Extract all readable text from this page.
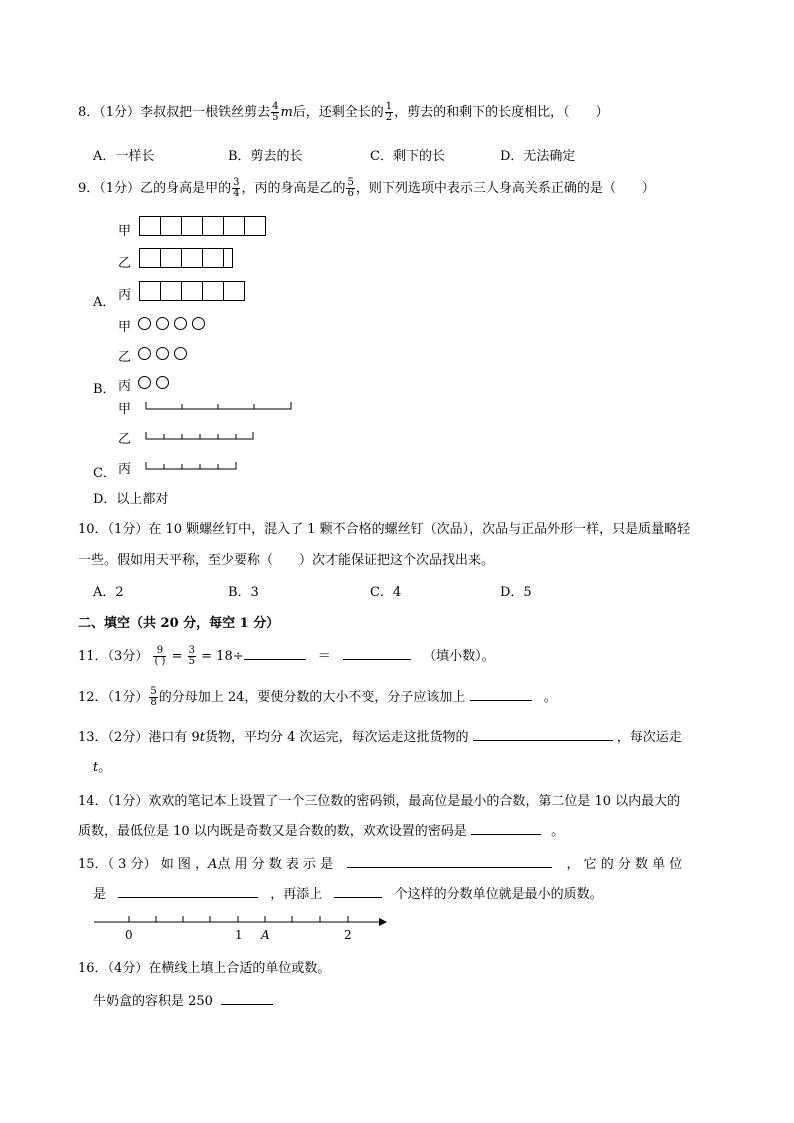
8．（1分）李叔叔把一根铁丝剪去 $\frac{4}{5}$ m后，还剩全长的 $\frac{1}{2}$ ，剪去的和剩下的长度相比，（　　）
A．一样长	B．剪去的长	C．剩下的长	D．无法确定
9．（1分）乙的身高是甲的 $\frac{3}{4}$ ，丙的身高是乙的 $\frac{5}{6}$ ，则下列选项中表示三人身高关系正确的是（　　）
甲
乙
A． 丙
甲
乙
B． 丙
甲
乙
C． 丙
D．以上都对
10．（1分）在 10 颗螺丝钉中，混入了 1 颗不合格的螺丝钉（次品），次品与正品外形一样，只是质量略轻
一些。假如用天平称，至少要称（　　）次才能保证把这个次品找出来。
A．2	B．3	C．4	D．5
二、填空（共 20 分，每空 1 分）
11．（3分） $\frac{9}{( )} = \frac{3}{5} = 18\div$	＝	（填小数）。
12．（1分） $\frac{5}{8}$ 的分母加上 24，要使分数的大小不变，分子应该加上	。
13．（2分）港口有 9t货物，平均分 4 次运完，每次运走这批货物的	，每次运走
t。
14．（1分）欢欢的笔记本上设置了一个三位数的密码锁，最高位是最小的合数，第二位是 10 以内最大的
质数，最低位是 10 以内既是奇数又是合数的数，欢欢设置的密码是	。
15．（ 3 分） 如 图 ，A点 用 分 数 表 示 是	， 它 的 分 数 单 位
是	，再添上	个这样的分数单位就是最小的质数。
0	1 A	2
16．（4分）在横线上填上合适的单位或数。
牛奶盒的容积是 250
